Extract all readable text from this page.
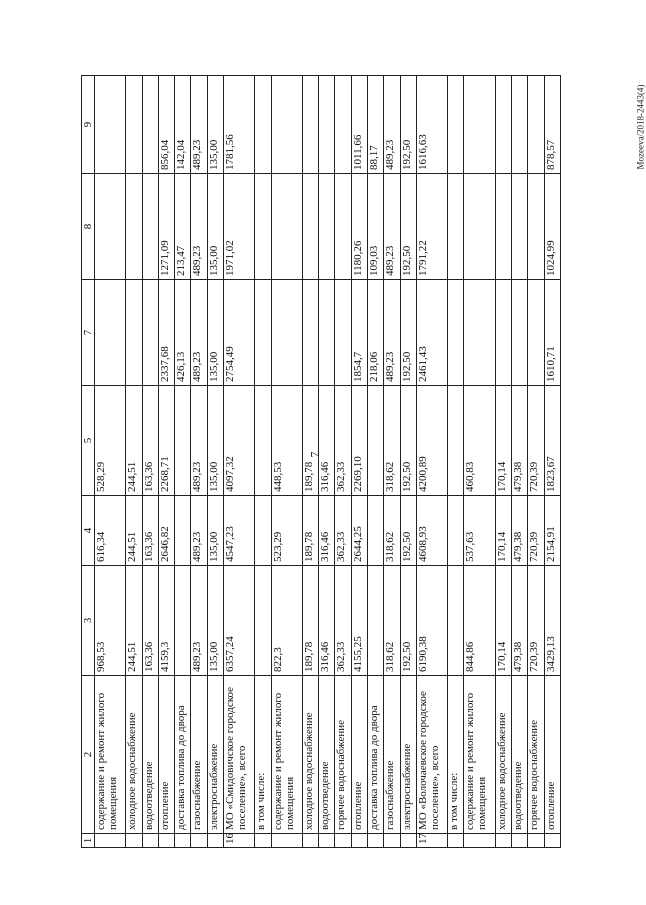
7
Mozeeva/2018-2443(4)
1	2	3	4	5	7	8	9
	содержание и ремонт жилого помещения	968,53	616,34	528,29			
	холодное водоснабжение	244,51	244,51	244,51			
	водоотведение	163,36	163,36	163,36			
	отопление	4159,3	2646,82	2268,71	2337,68	1271,09	856,04
	доставка топлива до двора				426,13	213,47	142,04
	газоснабжение	489,23	489,23	489,23	489,23	489,23	489,23
	электроснабжение	135,00	135,00	135,00	135,00	135,00	135,00
16	МО «Смидовичское городское поселение», всего	6357,24	4547,23	4097,32	2754,49	1971,02	1781,56
	в том числе:						
	содержание и ремонт жилого помещения	822,3	523,29	448,53			
	холодное водоснабжение	189,78	189,78	189,78			
	водоотведение	316,46	316,46	316,46			
	горячее водоснабжение	362,33	362,33	362,33			
	отопление	4155,25	2644,25	2269,10	1854,7	1180,26	1011,66
	доставка топлива до двора				218,06	109,03	88,17
	газоснабжение	318,62	318,62	318,62	489,23	489,23	489,23
	электроснабжение	192,50	192,50	192,50	192,50	192,50	192,50
17	МО «Волочаевское городское поселение», всего	6190,38	4608,93	4200,89	2461,43	1791,22	1616,63
	в том числе:						
	содержание и ремонт жилого помещения	844,86	537,63	460,83			
	холодное водоснабжение	170,14	170,14	170,14			
	водоотведение	479,38	479,38	479,38			
	горячее водоснабжение	720,39	720,39	720,39			
	отопление	3429,13	2154,91	1823,67	1610,71	1024,99	878,57
